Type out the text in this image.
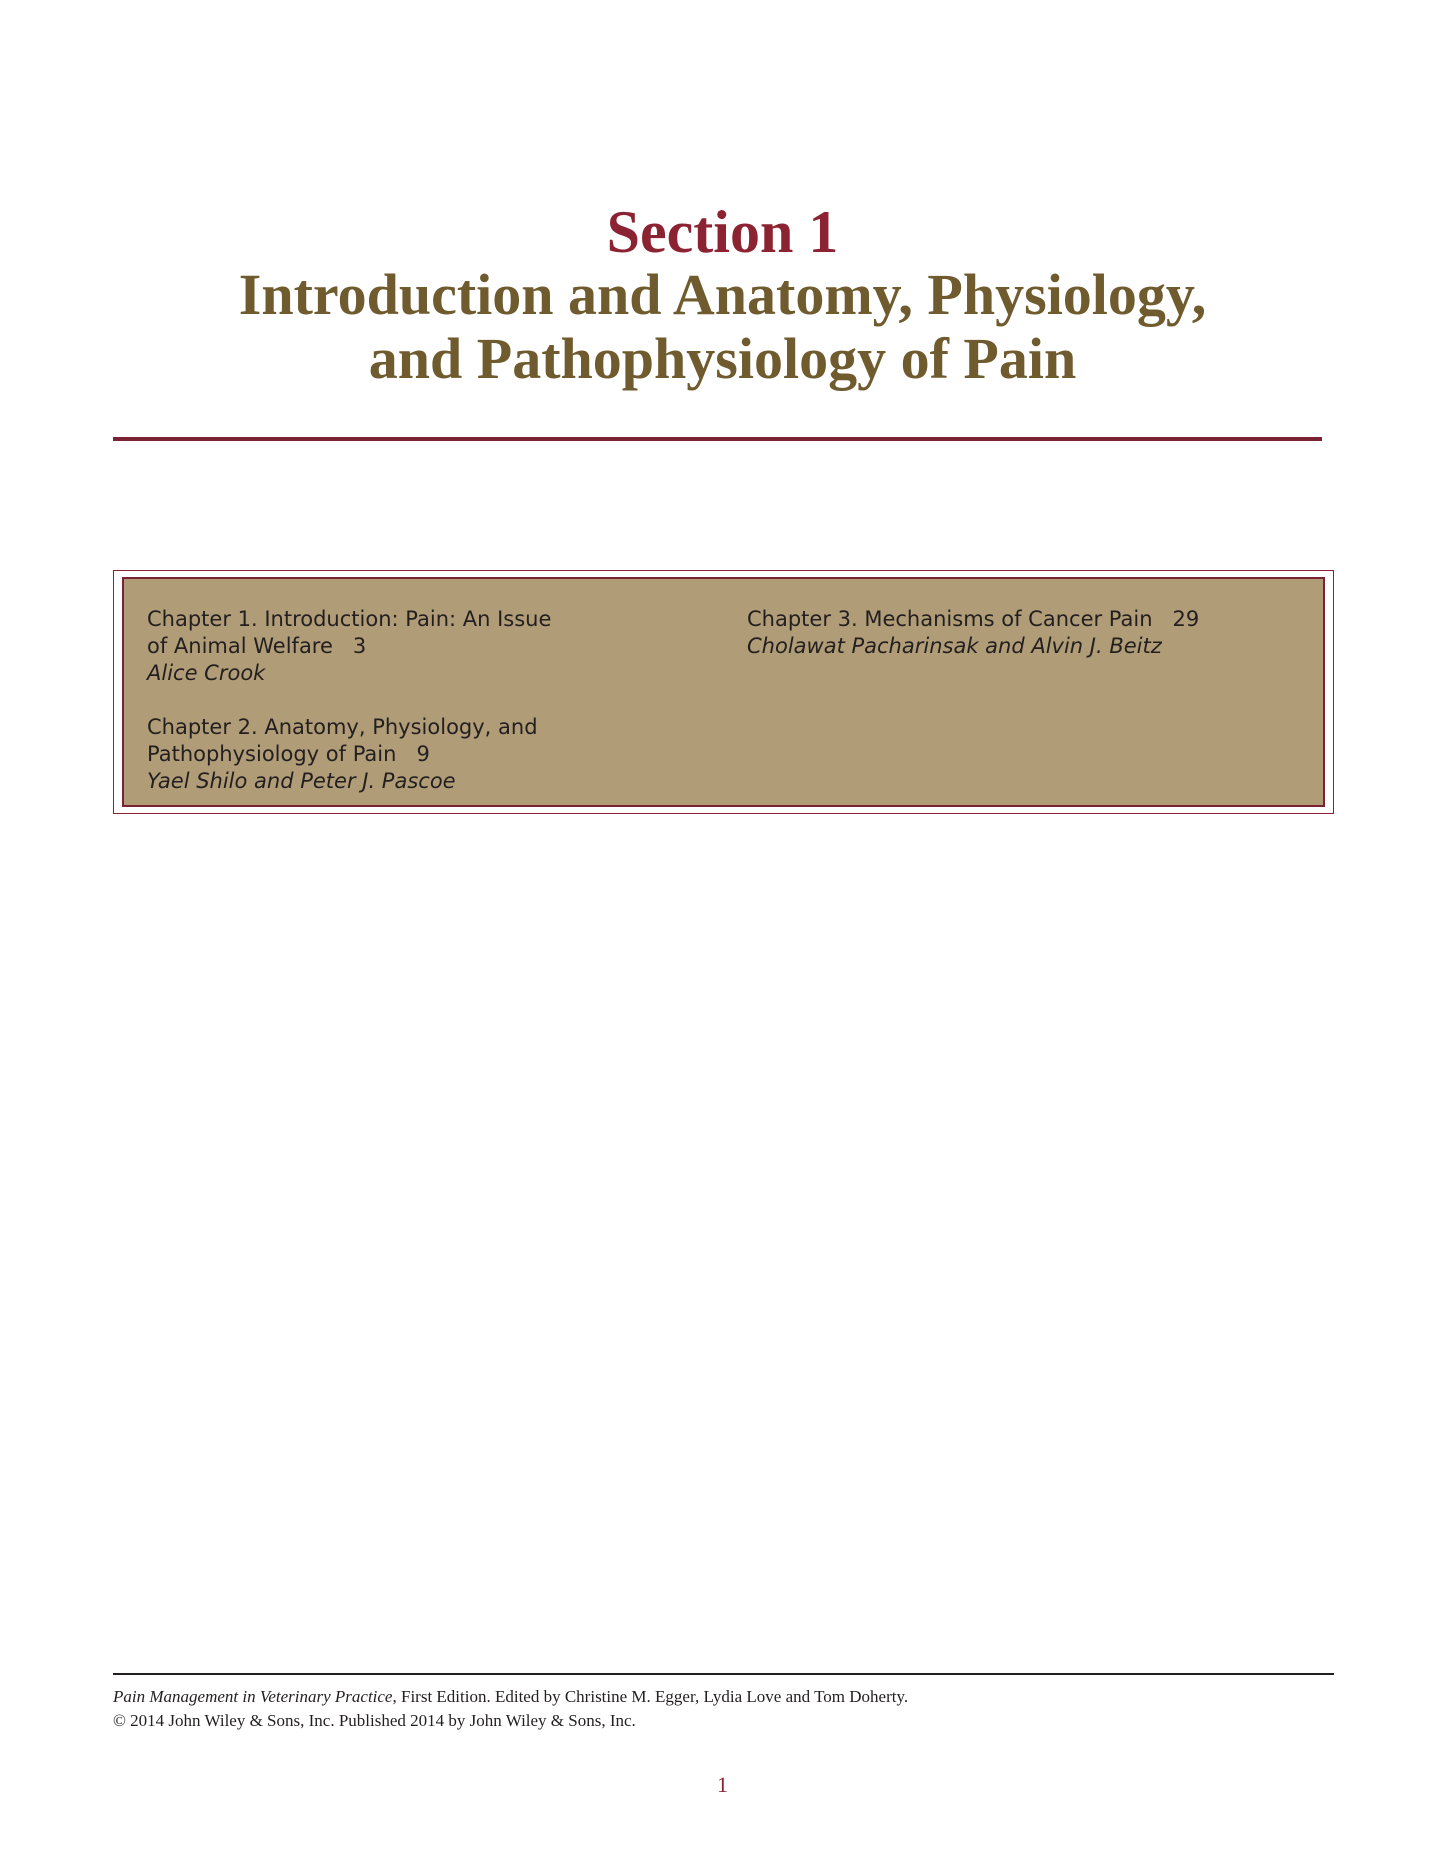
Section 1
Introduction and Anatomy, Physiology,
and Pathophysiology of Pain
Chapter 1. Introduction: Pain: An Issue
of Animal Welfare 3
Alice Crook
Chapter 2. Anatomy, Physiology, and
Pathophysiology of Pain 9
Yael Shilo and Peter J. Pascoe
Chapter 3. Mechanisms of Cancer Pain 29
Cholawat Pacharinsak and Alvin J. Beitz
Pain Management in Veterinary Practice, First Edition. Edited by Christine M. Egger, Lydia Love and Tom Doherty.
© 2014 John Wiley & Sons, Inc. Published 2014 by John Wiley & Sons, Inc.
1
